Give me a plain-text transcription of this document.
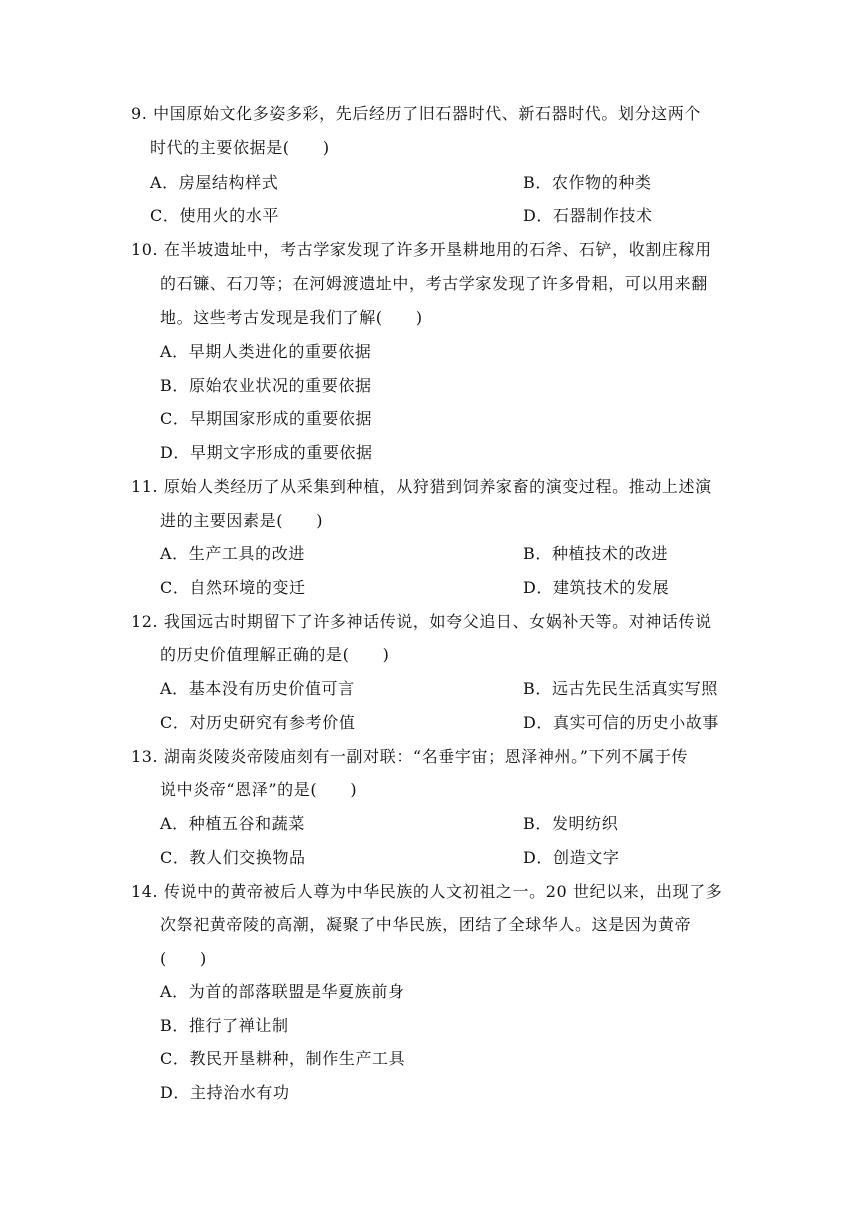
9. 中国原始文化多姿多彩，先后经历了旧石器时代、新石器时代。划分这两个
时代的主要依据是(　　)
A．房屋结构样式	B．农作物的种类
C．使用火的水平	D．石器制作技术
10. 在半坡遗址中，考古学家发现了许多开垦耕地用的石斧、石铲，收割庄稼用
的石镰、石刀等；在河姆渡遗址中，考古学家发现了许多骨耜，可以用来翻
地。这些考古发现是我们了解(　　)
A．早期人类进化的重要依据
B．原始农业状况的重要依据
C．早期国家形成的重要依据
D．早期文字形成的重要依据
11. 原始人类经历了从采集到种植，从狩猎到饲养家畜的演变过程。推动上述演
进的主要因素是(　　)
A．生产工具的改进	B．种植技术的改进
C．自然环境的变迁	D．建筑技术的发展
12. 我国远古时期留下了许多神话传说，如夸父追日、女娲补天等。对神话传说
的历史价值理解正确的是(　　)
A．基本没有历史价值可言	B．远古先民生活真实写照
C．对历史研究有参考价值	D．真实可信的历史小故事
13. 湖南炎陵炎帝陵庙刻有一副对联：“名垂宇宙；恩泽神州。”下列不属于传
说中炎帝“恩泽”的是(　　)
A．种植五谷和蔬菜	B．发明纺织
C．教人们交换物品	D．创造文字
14. 传说中的黄帝被后人尊为中华民族的人文初祖之一。20 世纪以来，出现了多
次祭祀黄帝陵的高潮，凝聚了中华民族，团结了全球华人。这是因为黄帝
(　　)
A．为首的部落联盟是华夏族前身
B．推行了禅让制
C．教民开垦耕种，制作生产工具
D．主持治水有功
